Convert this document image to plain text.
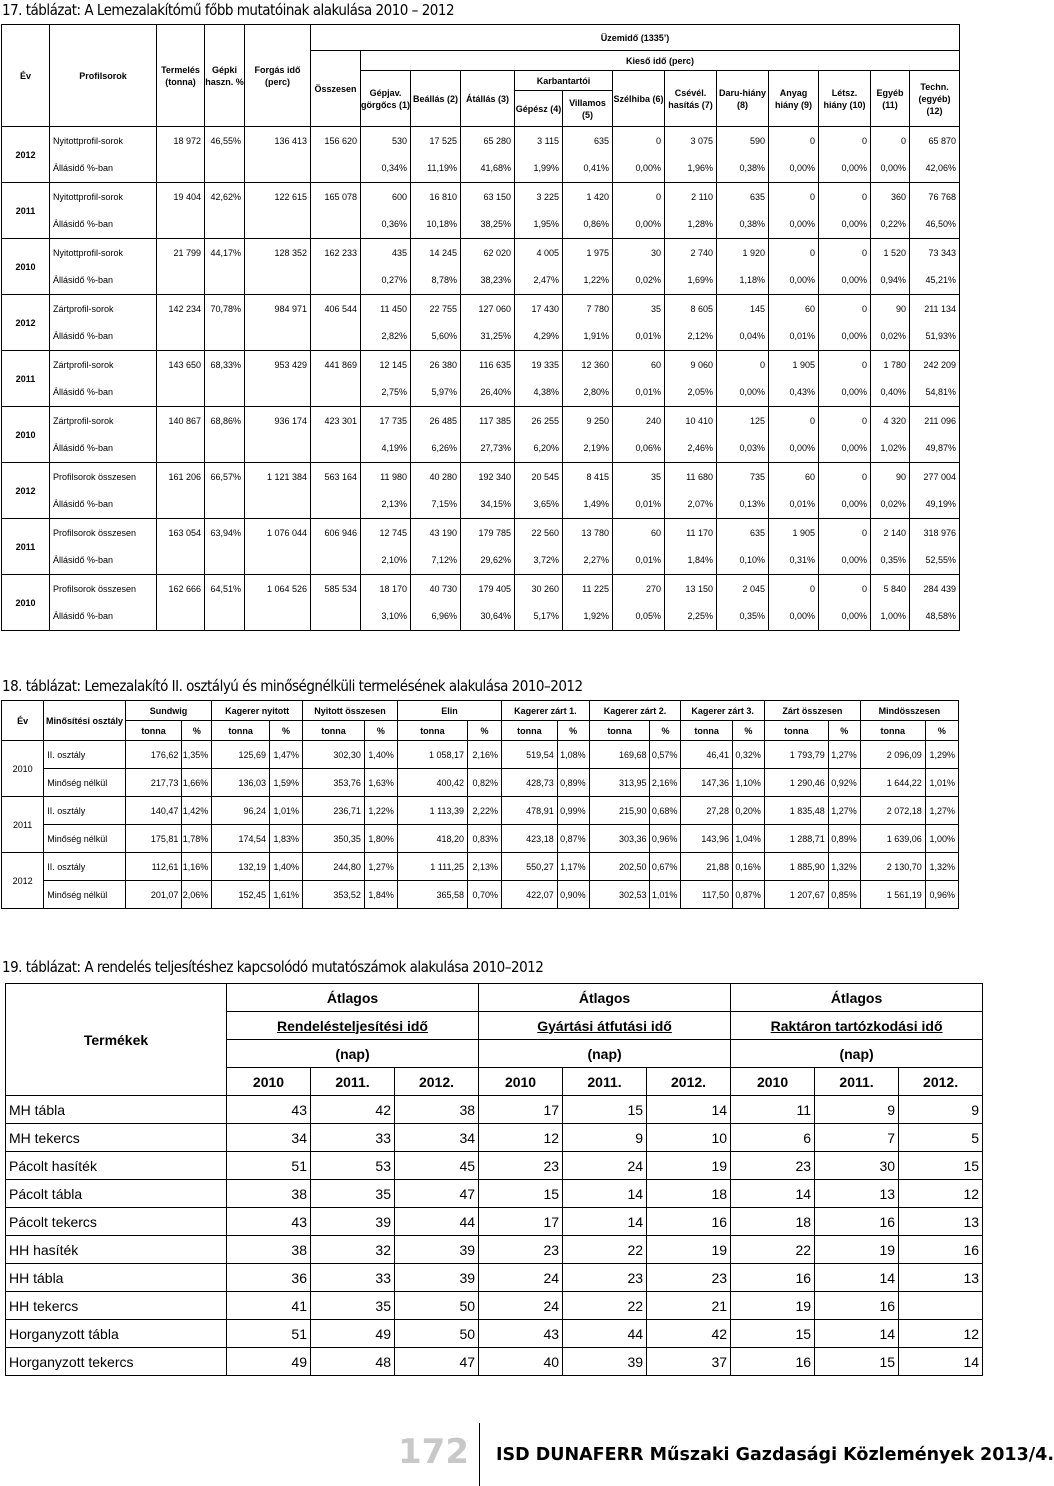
17. táblázat: A Lemezalakítómű főbb mutatóinak alakulása 2010 – 2012
Év	Profilsorok	Termelés (tonna)	Gépki haszn. %	Forgás idő (perc)	Üzemidő (1335’)												
					Összesen	Kieső idő (perc)											
						Gépjav. görgőcs (1)	Beállás (2)	Átállás (3)	Karbantartói		Szélhiba (6)	Csévél. hasítás (7)	Daru-hiány (8)	Anyag hiány (9)	Létsz. hiány (10)	Egyéb (11)	Techn. (egyéb) (12)
									Gépész (4)	Villamos (5)							
2012	Nyitottprofil-sorok	18 972	46,55%	136 413	156 620	530	17 525	65 280	3 115	635	0	3 075	590	0	0	0	65 870
	Állásidő %-ban					0,34%	11,19%	41,68%	1,99%	0,41%	0,00%	1,96%	0,38%	0,00%	0,00%	0,00%	42,06%
2011	Nyitottprofil-sorok	19 404	42,62%	122 615	165 078	600	16 810	63 150	3 225	1 420	0	2 110	635	0	0	360	76 768
	Állásidő %-ban					0,36%	10,18%	38,25%	1,95%	0,86%	0,00%	1,28%	0,38%	0,00%	0,00%	0,22%	46,50%
2010	Nyitottprofil-sorok	21 799	44,17%	128 352	162 233	435	14 245	62 020	4 005	1 975	30	2 740	1 920	0	0	1 520	73 343
	Állásidő %-ban					0,27%	8,78%	38,23%	2,47%	1,22%	0,02%	1,69%	1,18%	0,00%	0,00%	0,94%	45,21%
2012	Zártprofil-sorok	142 234	70,78%	984 971	406 544	11 450	22 755	127 060	17 430	7 780	35	8 605	145	60	0	90	211 134
	Állásidő %-ban					2,82%	5,60%	31,25%	4,29%	1,91%	0,01%	2,12%	0,04%	0,01%	0,00%	0,02%	51,93%
2011	Zártprofil-sorok	143 650	68,33%	953 429	441 869	12 145	26 380	116 635	19 335	12 360	60	9 060	0	1 905	0	1 780	242 209
	Állásidő %-ban					2,75%	5,97%	26,40%	4,38%	2,80%	0,01%	2,05%	0,00%	0,43%	0,00%	0,40%	54,81%
2010	Zártprofil-sorok	140 867	68,86%	936 174	423 301	17 735	26 485	117 385	26 255	9 250	240	10 410	125	0	0	4 320	211 096
	Állásidő %-ban					4,19%	6,26%	27,73%	6,20%	2,19%	0,06%	2,46%	0,03%	0,00%	0,00%	1,02%	49,87%
2012	Profilsorok összesen	161 206	66,57%	1 121 384	563 164	11 980	40 280	192 340	20 545	8 415	35	11 680	735	60	0	90	277 004
	Állásidő %-ban					2,13%	7,15%	34,15%	3,65%	1,49%	0,01%	2,07%	0,13%	0,01%	0,00%	0,02%	49,19%
2011	Profilsorok összesen	163 054	63,94%	1 076 044	606 946	12 745	43 190	179 785	22 560	13 780	60	11 170	635	1 905	0	2 140	318 976
	Állásidő %-ban					2,10%	7,12%	29,62%	3,72%	2,27%	0,01%	1,84%	0,10%	0,31%	0,00%	0,35%	52,55%
2010	Profilsorok összesen	162 666	64,51%	1 064 526	585 534	18 170	40 730	179 405	30 260	11 225	270	13 150	2 045	0	0	5 840	284 439
	Állásidő %-ban					3,10%	6,96%	30,64%	5,17%	1,92%	0,05%	2,25%	0,35%	0,00%	0,00%	1,00%	48,58%
18. táblázat: Lemezalakító II. osztályú és minőségnélküli termelésének alakulása 2010–2012
Év	Minősítési osztály	Sundwig		Kagerer nyitott		Nyitott összesen		Elin		Kagerer zárt 1.		Kagerer zárt 2.		Kagerer zárt 3.		Zárt összesen		Mindösszesen	
		tonna	%	tonna	%	tonna	%	tonna	%	tonna	%	tonna	%	tonna	%	tonna	%	tonna	%
2010	II. osztály	176,62	1,35%	125,69	1,47%	302,30	1,40%	1 058,17	2,16%	519,54	1,08%	169,68	0,57%	46,41	0,32%	1 793,79	1,27%	2 096,09	1,29%
	Minőség nélkül	217,73	1,66%	136,03	1,59%	353,76	1,63%	400,42	0,82%	428,73	0,89%	313,95	2,16%	147,36	1,10%	1 290,46	0,92%	1 644,22	1,01%
2011	II. osztály	140,47	1,42%	96,24	1,01%	236,71	1,22%	1 113,39	2,22%	478,91	0,99%	215,90	0,68%	27,28	0,20%	1 835,48	1,27%	2 072,18	1,27%
	Minőség nélkül	175,81	1,78%	174,54	1,83%	350,35	1,80%	418,20	0,83%	423,18	0,87%	303,36	0,96%	143,96	1,04%	1 288,71	0,89%	1 639,06	1,00%
2012	II. osztály	112,61	1,16%	132,19	1,40%	244,80	1,27%	1 111,25	2,13%	550,27	1,17%	202,50	0,67%	21,88	0,16%	1 885,90	1,32%	2 130,70	1,32%
	Minőség nélkül	201,07	2,06%	152,45	1,61%	353,52	1,84%	365,58	0,70%	422,07	0,90%	302,53	1,01%	117,50	0,87%	1 207,67	0,85%	1 561,19	0,96%
19. táblázat: A rendelés teljesítéshez kapcsolódó mutatószámok alakulása 2010–2012
Termékek	Átlagos			Átlagos			Átlagos		
	Rendelésteljesítési idő			Gyártási átfutási idő			Raktáron tartózkodási idő		
	(nap)			(nap)			(nap)		
	2010	2011.	2012.	2010	2011.	2012.	2010	2011.	2012.
MH tábla	43	42	38	17	15	14	11	9	9
MH tekercs	34	33	34	12	9	10	6	7	5
Pácolt hasíték	51	53	45	23	24	19	23	30	15
Pácolt tábla	38	35	47	15	14	18	14	13	12
Pácolt tekercs	43	39	44	17	14	16	18	16	13
HH hasíték	38	32	39	23	22	19	22	19	16
HH tábla	36	33	39	24	23	23	16	14	13
HH tekercs	41	35	50	24	22	21	19	16	
Horganyzott tábla	51	49	50	43	44	42	15	14	12
Horganyzott tekercs	49	48	47	40	39	37	16	15	14
172 ISD DUNAFERR Műszaki Gazdasági Közlemények 2013/4.
